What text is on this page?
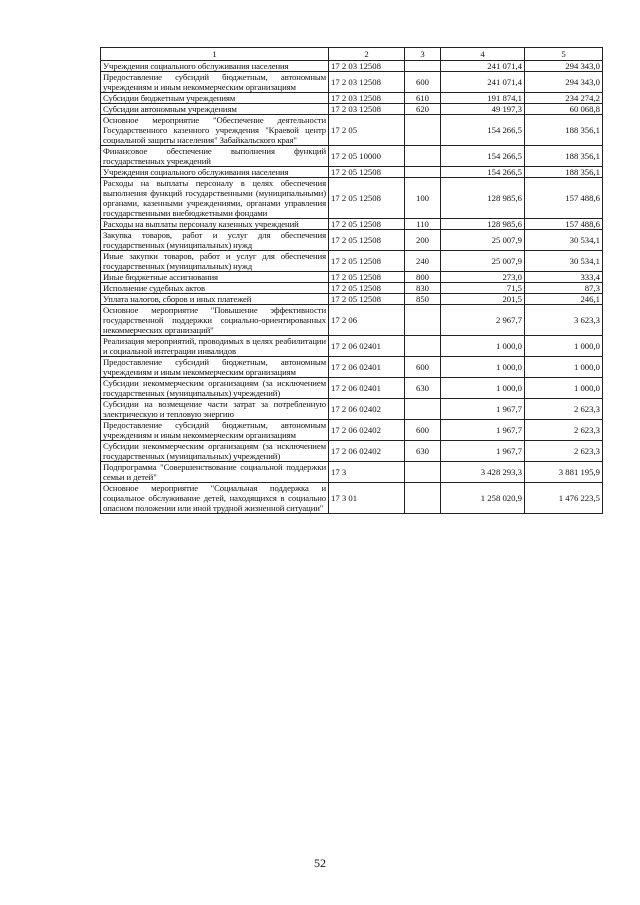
1	2	3	4	5
Учреждения социального обслуживания населения	17 2 03 12508		241 071,4	294 343,0
Предоставление субсидий бюджетным, автономным учреждениям и иным некоммерческим организациям	17 2 03 12508	600	241 071,4	294 343,0
Субсидии бюджетным учреждениям	17 2 03 12508	610	191 874,1	234 274,2
Субсидии автономным учреждениям	17 2 03 12508	620	49 197,3	60 068,8
Основное мероприятие "Обеспечение деятельности Государственного казенного учреждения "Краевой центр социальной защиты населения" Забайкальского края"	17 2 05		154 266,5	188 356,1
Финансовое обеспечение выполнения функций государственных учреждений	17 2 05 10000		154 266,5	188 356,1
Учреждения социального обслуживания населения	17 2 05 12508		154 266,5	188 356,1
Расходы на выплаты персоналу в целях обеспечения выполнения функций государственными (муниципальными) органами, казенными учреждениями, органами управления государственными внебюджетными фондами	17 2 05 12508	100	128 985,6	157 488,6
Расходы на выплаты персоналу казенных учреждений	17 2 05 12508	110	128 985,6	157 488,6
Закупка товаров, работ и услуг для обеспечения государственных (муниципальных) нужд	17 2 05 12508	200	25 007,9	30 534,1
Иные закупки товаров, работ и услуг для обеспечения государственных (муниципальных) нужд	17 2 05 12508	240	25 007,9	30 534,1
Иные бюджетные ассигнования	17 2 05 12508	800	273,0	333,4
Исполнение судебных актов	17 2 05 12508	830	71,5	87,3
Уплата налогов, сборов и иных платежей	17 2 05 12508	850	201,5	246,1
Основное мероприятие "Повышение эффективности государственной поддержки социально-ориентированных некоммерческих организаций"	17 2 06		2 967,7	3 623,3
Реализация мероприятий, проводимых в целях реабилитации и социальной интеграции инвалидов	17 2 06 02401		1 000,0	1 000,0
Предоставление субсидий бюджетным, автономным учреждениям и иным некоммерческим организациям	17 2 06 02401	600	1 000,0	1 000,0
Субсидии некоммерческим организациям (за исключением государственных (муниципальных) учреждений)	17 2 06 02401	630	1 000,0	1 000,0
Субсидии на возмещение части затрат за потребленную электрическую и тепловую энергию	17 2 06 02402		1 967,7	2 623,3
Предоставление субсидий бюджетным, автономным учреждениям и иным некоммерческим организациям	17 2 06 02402	600	1 967,7	2 623,3
Субсидии некоммерческим организациям (за исключением государственных (муниципальных) учреждений)	17 2 06 02402	630	1 967,7	2 623,3
Подпрограмма "Совершенствование социальной поддержки семьи и детей"	17 3		3 428 293,3	3 881 195,9
Основное мероприятие "Социальная поддержка и социальное обслуживание детей, находящихся в социально опасном положении или иной трудной жизненной ситуации"	17 3 01		1 258 020,9	1 476 223,5
52
